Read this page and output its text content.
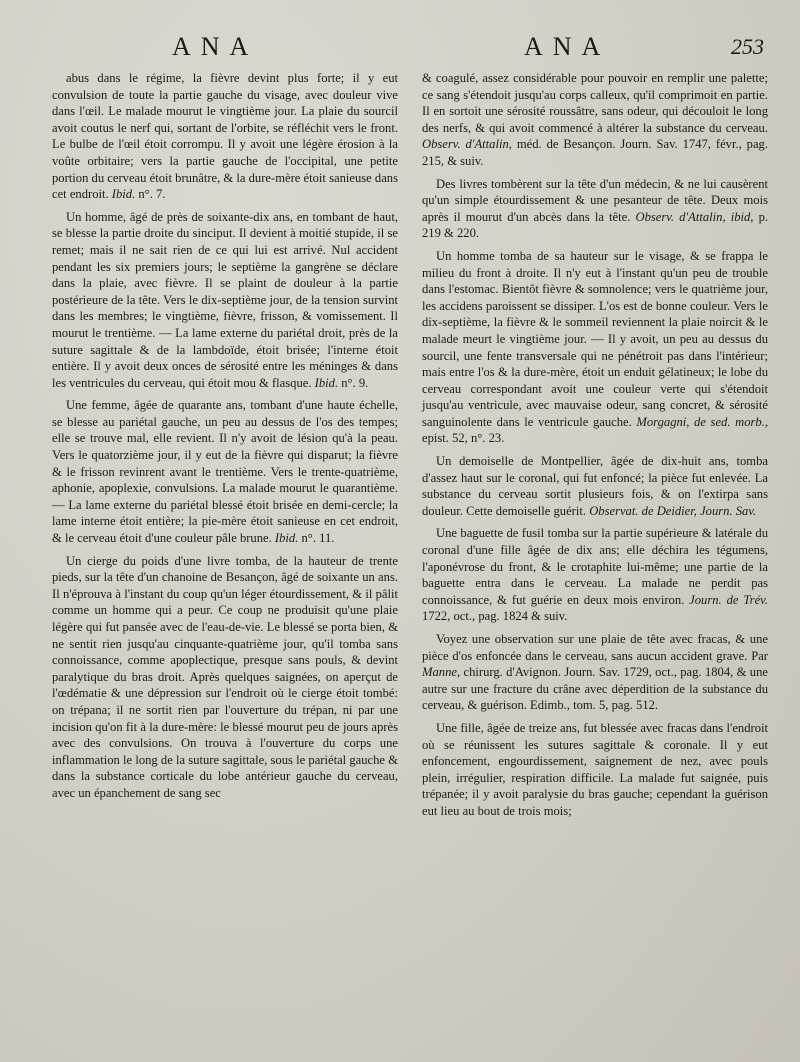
ANA	ANA	253

abus dans le régime, la fièvre devint plus forte; il y eut convulsion de toute la partie gauche du visage, avec douleur vive dans l'œil. Le malade mourut le vingtième jour. La plaie du sourcil avoit coutus le nerf qui, sortant de l'orbite, se réfléchit vers le front. Le bulbe de l'œil étoit corrompu. Il y avoit une légère érosion à la voûte orbitaire; vers la partie gauche de l'occipital, une petite portion du cerveau étoit brunâtre, & la dure-mère étoit sanieuse dans cet endroit. Ibid. n°. 7.

Un homme, âgé de près de soixante-dix ans, en tombant de haut, se blesse la partie droite du sinciput. Il devient à moitié stupide, il se remet; mais il ne sait rien de ce qui lui est arrivé. Nul accident pendant les six premiers jours; le septième la gangrène se déclare dans la plaie, avec fièvre. Il se plaint de douleur à la partie postérieure de la tête. Vers le dix-septième jour, de la tension survint dans les membres; le vingtième, fièvre, frisson, & vomissement. Il mourut le trentième. — La lame externe du pariétal droit, près de la suture sagittale & de la lambdoïde, étoit brisée; l'interne étoit entière. Il y avoit deux onces de sérosité entre les méninges & dans les ventricules du cerveau, qui étoit mou & flasque. Ibid. n°. 9.

Une femme, âgée de quarante ans, tombant d'une haute échelle, se blesse au pariétal gauche, un peu au dessus de l'os des tempes; elle se trouve mal, elle revient. Il n'y avoit de lésion qu'à la peau. Vers le quatorzième jour, il y eut de la fièvre qui disparut; la fièvre & le frisson revinrent avant le trentième. Vers le trente-quatrième, aphonie, apoplexie, convulsions. La malade mourut le quarantième. — La lame externe du pariétal blessé étoit brisée en demi-cercle; la lame interne étoit entière; la pie-mère étoit sanieuse en cet endroit, & le cerveau étoit d'une couleur pâle brune. Ibid. n°. 11.

Un cierge du poids d'une livre tomba, de la hauteur de trente pieds, sur la tête d'un chanoine de Besançon, âgé de soixante un ans. Il n'éprouva à l'instant du coup qu'un léger étourdissement, & il pâlit comme un homme qui a peur. Ce coup ne produisit qu'une plaie légère qui fut pansée avec de l'eau-de-vie. Le blessé se porta bien, & ne sentit rien jusqu'au cinquante-quatrième jour, qu'il tomba sans connoissance, comme apoplectique, presque sans pouls, & devint paralytique du bras droit. Après quelques saignées, on aperçut de l'œdématie & une dépression sur l'endroit où le cierge étoit tombé: on trépana; il ne sortit rien par l'ouverture du trépan, ni par une incision qu'on fit à la dure-mère: le blessé mourut peu de jours après avec des convulsions. On trouva à l'ouverture du corps une inflammation le long de la suture sagittale, sous le pariétal gauche & dans la substance corticale du lobe antérieur gauche du cerveau, avec un épanchement de sang sec

& coagulé, assez considérable pour pouvoir en remplir une palette; ce sang s'étendoit jusqu'au corps calleux, qu'il comprimoit en partie. Il en sortoit une sérosité roussâtre, sans odeur, qui découloit le long des nerfs, & qui avoit commencé à altérer la substance du cerveau. Observ. d'Attalin, méd. de Besançon. Journ. Sav. 1747, févr., pag. 215, & suiv.

Des livres tombèrent sur la tête d'un médecin, & ne lui causèrent qu'un simple étourdissement & une pesanteur de tête. Deux mois après il mourut d'un abcès dans la tête. Observ. d'Attalin, ibid, p. 219 & 220.

Un homme tomba de sa hauteur sur le visage, & se frappa le milieu du front à droite. Il n'y eut à l'instant qu'un peu de trouble dans l'estomac. Bientôt fièvre & somnolence; vers le quatrième jour, les accidens paroissent se dissiper. L'os est de bonne couleur. Vers le dix-septième, la fièvre & le sommeil reviennent la plaie noircit & le malade meurt le vingtième jour. — Il y avoit, un peu au dessus du sourcil, une fente transversale qui ne pénétroit pas dans l'intérieur; mais entre l'os & la dure-mère, étoit un enduit gélatineux; le lobe du cerveau correspondant avoit une couleur verte qui s'étendoit jusqu'au ventricule, avec mauvaise odeur, sang concret, & sérosité sanguinolente dans le ventricule gauche. Morgagni, de sed. morb., epist. 52, n°. 23.

Un demoiselle de Montpellier, âgée de dix-huit ans, tomba d'assez haut sur le coronal, qui fut enfoncé; la pièce fut enlevée. La substance du cerveau sortit plusieurs fois, & on l'extirpa sans douleur. Cette demoiselle guérit. Observat. de Deidier, Journ. Sav.

Une baguette de fusil tomba sur la partie supérieure & latérale du coronal d'une fille âgée de dix ans; elle déchira les tégumens, l'aponévrose du front, & le crotaphite lui-même; une partie de la baguette entra dans le cerveau. La malade ne perdit pas connoissance, & fut guérie en deux mois environ. Journ. de Trév. 1722, oct., pag. 1824 & suiv.

Voyez une observation sur une plaie de tête avec fracas, & une pièce d'os enfoncée dans le cerveau, sans aucun accident grave. Par Manne, chirurg. d'Avignon. Journ. Sav. 1729, oct., pag. 1804, & une autre sur une fracture du crâne avec déperdition de la substance du cerveau, & guérison. Edimb., tom. 5, pag. 512.

Une fille, âgée de treize ans, fut blessée avec fracas dans l'endroit où se réunissent les sutures sagittale & coronale. Il y eut enfoncement, engourdissement, saignement de nez, avec pouls plein, irrégulier, respiration difficile. La malade fut saignée, puis trépanée; il y avoit paralysie du bras gauche; cependant la guérison eut lieu au bout de trois mois;
